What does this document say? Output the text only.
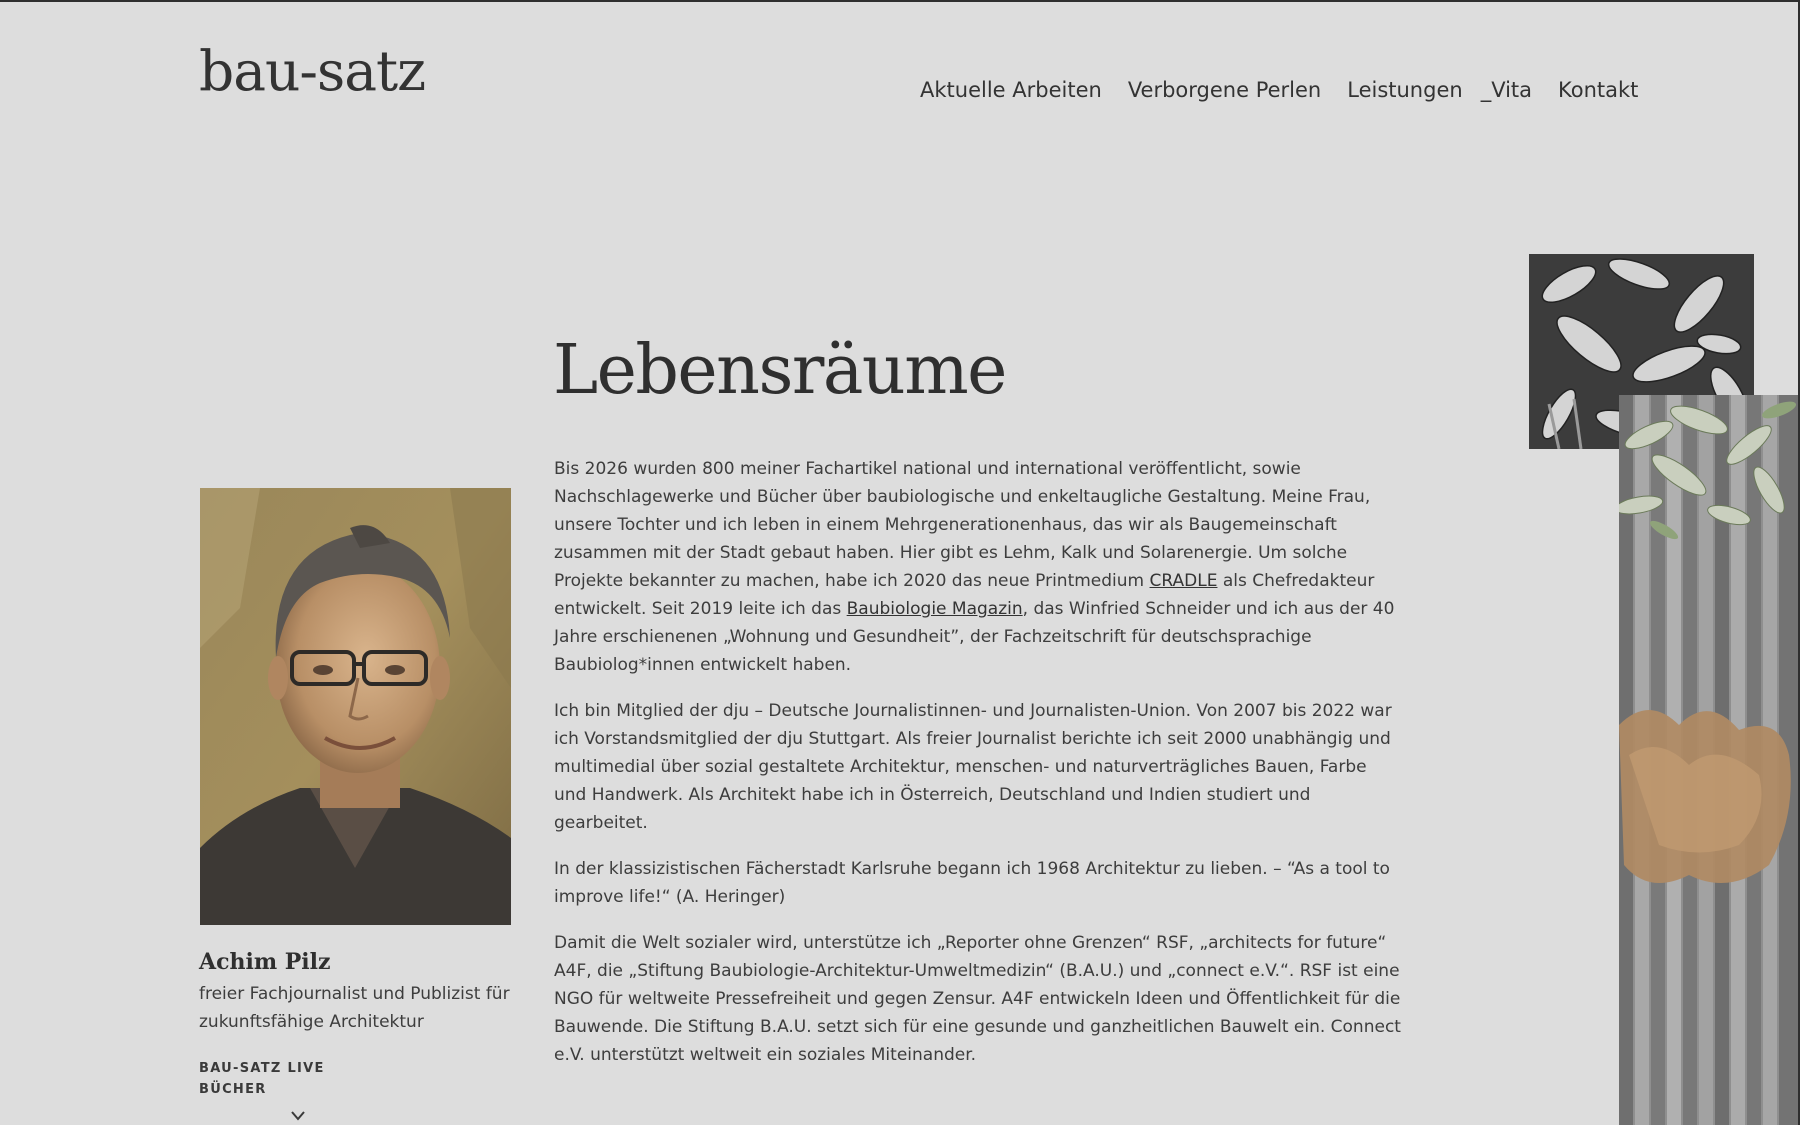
bau-satz	Aktuelle Arbeiten Verborgene Perlen Leistungen _Vita Kontakt
Lebensräume

Bis 2026 wurden 800 meiner Fachartikel national und international veröffentlicht, sowie Nachschlagewerke und Bücher über baubiologische und enkeltaugliche Gestaltung. Meine Frau, unsere Tochter und ich leben in einem Mehrgenerationenhaus, das wir als Baugemeinschaft zusammen mit der Stadt gebaut haben. Hier gibt es Lehm, Kalk und Solarenergie. Um solche Projekte bekannter zu machen, habe ich 2020 das neue Printmedium CRADLE als Chefredakteur entwickelt. Seit 2019 leite ich das Baubiologie Magazin, das Winfried Schneider und ich aus der 40 Jahre erschienenen „Wohnung und Gesundheit”, der Fachzeitschrift für deutschsprachige Baubiolog*innen entwickelt haben.

Ich bin Mitglied der dju – Deutsche Journalistinnen- und Journalisten-Union. Von 2007 bis 2022 war ich Vorstandsmitglied der dju Stuttgart. Als freier Journalist berichte ich seit 2000 unabhängig und multimedial über sozial gestaltete Architektur, menschen- und naturverträgliches Bauen, Farbe und Handwerk. Als Architekt habe ich in Österreich, Deutschland und Indien studiert und gearbeitet.

In der klassizistischen Fächerstadt Karlsruhe begann ich 1968 Architektur zu lieben. – “As a tool to improve life!“ (A. Heringer)

Damit die Welt sozialer wird, unterstütze ich „Reporter ohne Grenzen“ RSF, „architects for future“ A4F, die „Stiftung Baubiologie-Architektur-Umweltmedizin“ (B.A.U.) und „connect e.V.“. RSF ist eine NGO für weltweite Pressefreiheit und gegen Zensur. A4F entwickeln Ideen und Öffentlichkeit für die Bauwende. Die Stiftung B.A.U. setzt sich für eine gesunde und ganzheitlichen Bauwelt ein. Connect e.V. unterstützt weltweit ein soziales Miteinander.

Achim Pilz
freier Fachjournalist und Publizist für zukunftsfähige Architektur
BAU-SATZ LIVE
BÜCHER
